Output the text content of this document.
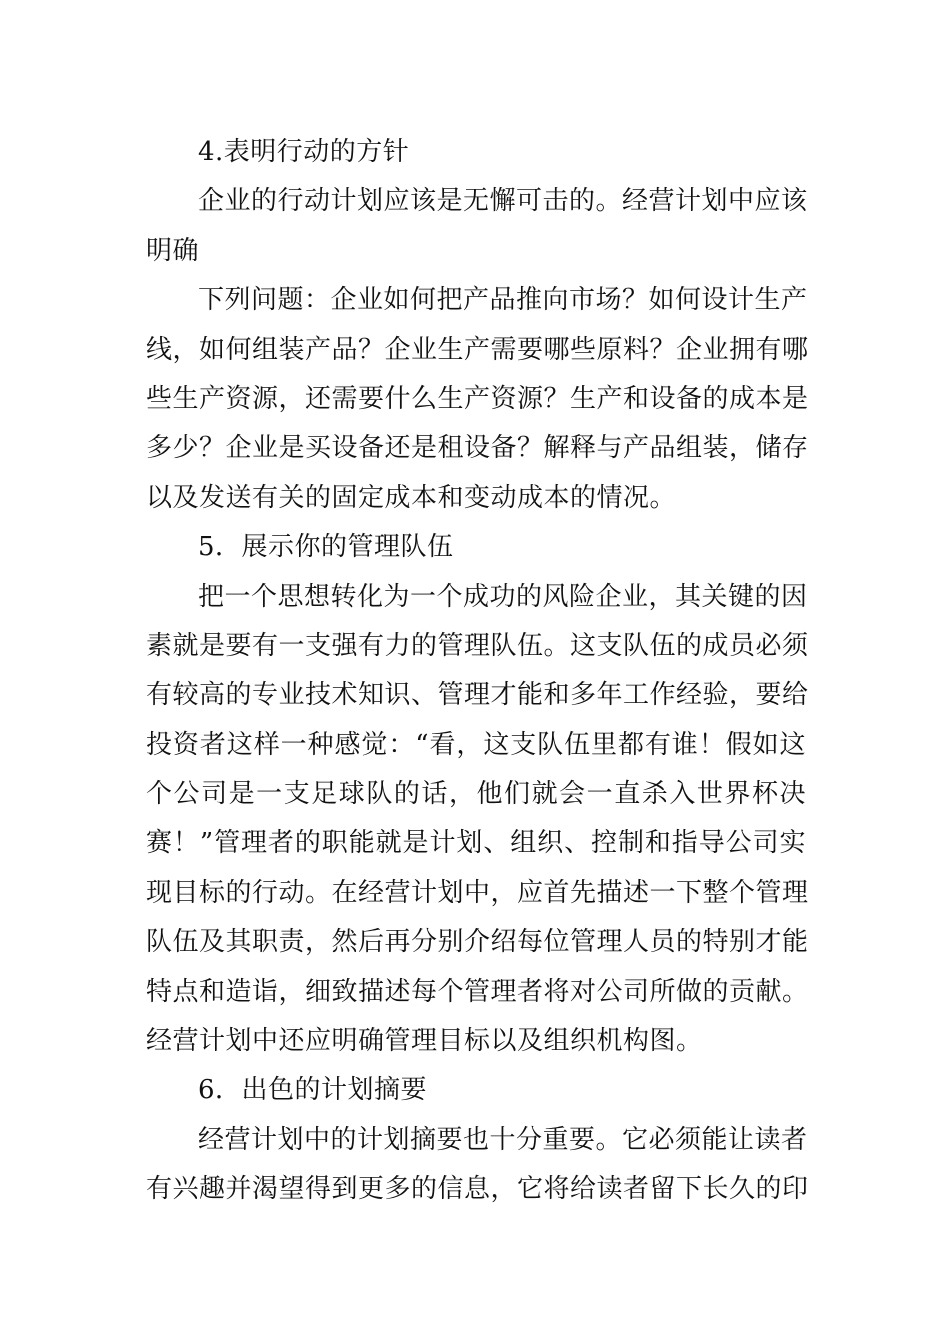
4.表明行动的方针
企业的行动计划应该是无懈可击的。经营计划中应该
明确
下列问题：企业如何把产品推向市场？如何设计生产
线，如何组装产品？企业生产需要哪些原料？企业拥有哪
些生产资源，还需要什么生产资源？生产和设备的成本是
多少？企业是买设备还是租设备？解释与产品组装，储存
以及发送有关的固定成本和变动成本的情况。
5．展示你的管理队伍
把一个思想转化为一个成功的风险企业，其关键的因
素就是要有一支强有力的管理队伍。这支队伍的成员必须
有较高的专业技术知识、管理才能和多年工作经验，要给
投资者这样一种感觉：“看，这支队伍里都有谁！假如这
个公司是一支足球队的话，他们就会一直杀入世界杯决
赛！”管理者的职能就是计划、组织、控制和指导公司实
现目标的行动。在经营计划中，应首先描述一下整个管理
队伍及其职责，然后再分别介绍每位管理人员的特别才能
特点和造诣，细致描述每个管理者将对公司所做的贡献。
经营计划中还应明确管理目标以及组织机构图。
6．出色的计划摘要
经营计划中的计划摘要也十分重要。它必须能让读者
有兴趣并渴望得到更多的信息，它将给读者留下长久的印
